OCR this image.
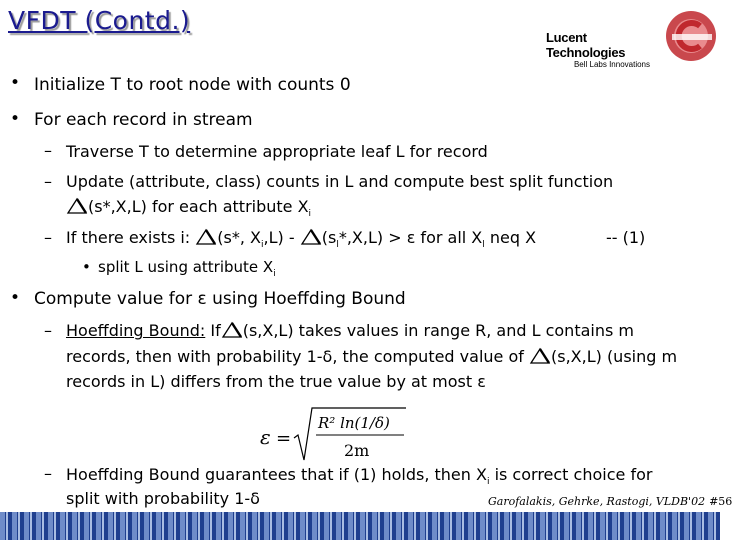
VFDT (Contd.)
Lucent Technologies
Bell Labs Innovations
• Initialize T to root node with counts 0
• For each record in stream
– Traverse T to determine appropriate leaf L for record
– Update (attribute, class) counts in L and compute best split function
(s*,X,L) for each attribute $X_i$
– If there exists i: (s*, $X_i,L) - (s_l*,X,L) > \varepsilon$ for all $X_l$ neq X	-- (1)
• split L using attribute $X_i$
• Compute value for ε using Hoeffding Bound
– Hoeffding Bound: If (s,X,L) takes values in range R, and L contains m
records, then with probability 1-δ, the computed value of (s,X,L) (using m
records in L) differs from the true value by at most ε
ε =
R² ln(1/δ)
2m
– Hoeffding Bound guarantees that if (1) holds, then $X_i$ is correct choice for
split with probability 1-δ	Garofalakis, Gehrke, Rastogi, VLDB'02 #56
